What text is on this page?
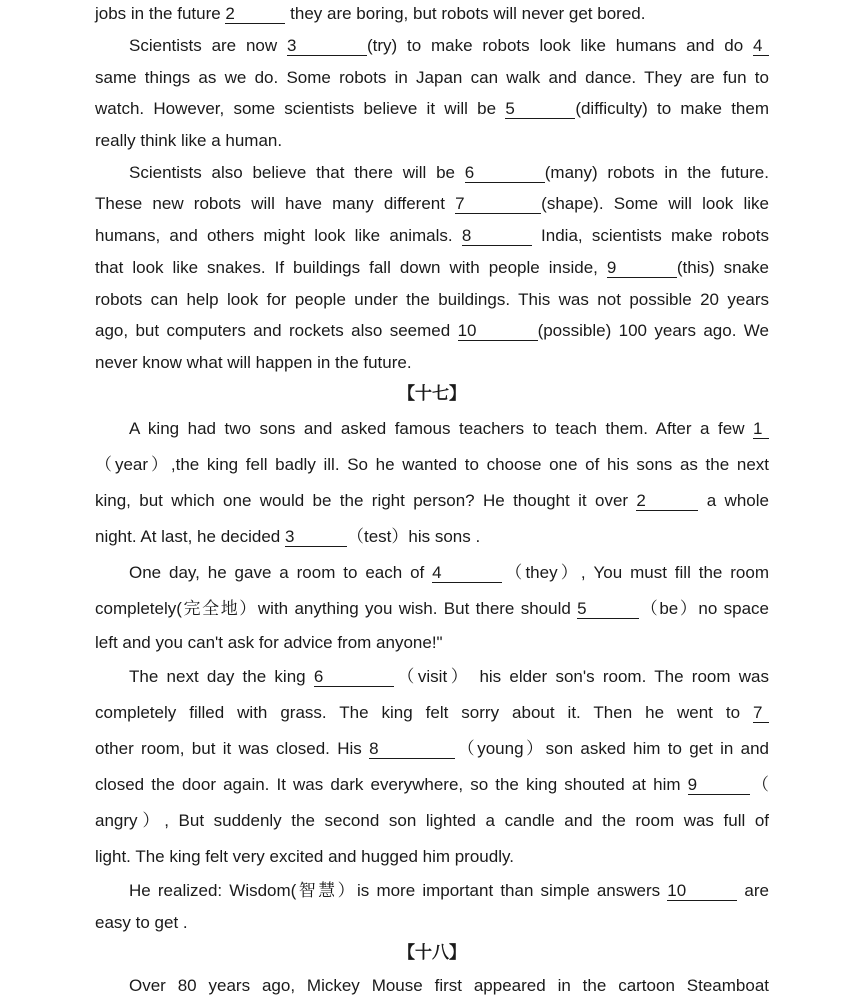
jobs in the future 2	they are boring, but robots will never get bored.
Scientists are now 3	(try) to make robots look like humans and do 4
same things as we do. Some robots in Japan can walk and dance. They are fun to
watch. However, some scientists believe it will be 5	(difficulty) to make them
really think like a human.
Scientists also believe that there will be 6	(many) robots in the future.
These new robots will have many different 7	(shape). Some will look like
humans, and others might look like animals. 8	India, scientists make robots
that look like snakes. If buildings fall down with people inside, 9	(this) snake
robots can help look for people under the buildings. This was not possible 20 years
ago, but computers and rockets also seemed 10	(possible) 100 years ago. We
never know what will happen in the future.
【十七】
A king had two sons and asked famous teachers to teach them. After a few 1
（year）,the king fell badly ill. So he wanted to choose one of his sons as the next
king, but which one would be the right person? He thought it over 2	a whole
night. At last, he decided 3	（test）his sons .
One day, he gave a room to each of 4	（they）, You must fill the room
completely(完全地）with anything you wish. But there should 5	（be）no space
left and you can't ask for advice from anyone!"
The next day the king 6	（visit） his elder son's room. The room was
completely filled with grass. The king felt sorry about it. Then he went to 7
other room, but it was closed. His 8	（young）son asked him to get in and
closed the door again. It was dark everywhere, so the king shouted at him 9	（
angry）, But suddenly the second son lighted a candle and the room was full of
light. The king felt very excited and hugged him proudly.
He realized: Wisdom(智慧）is more important than simple answers 10	are
easy to get .
【十八】
Over 80 years ago, Mickey Mouse first appeared in the cartoon Steamboat
